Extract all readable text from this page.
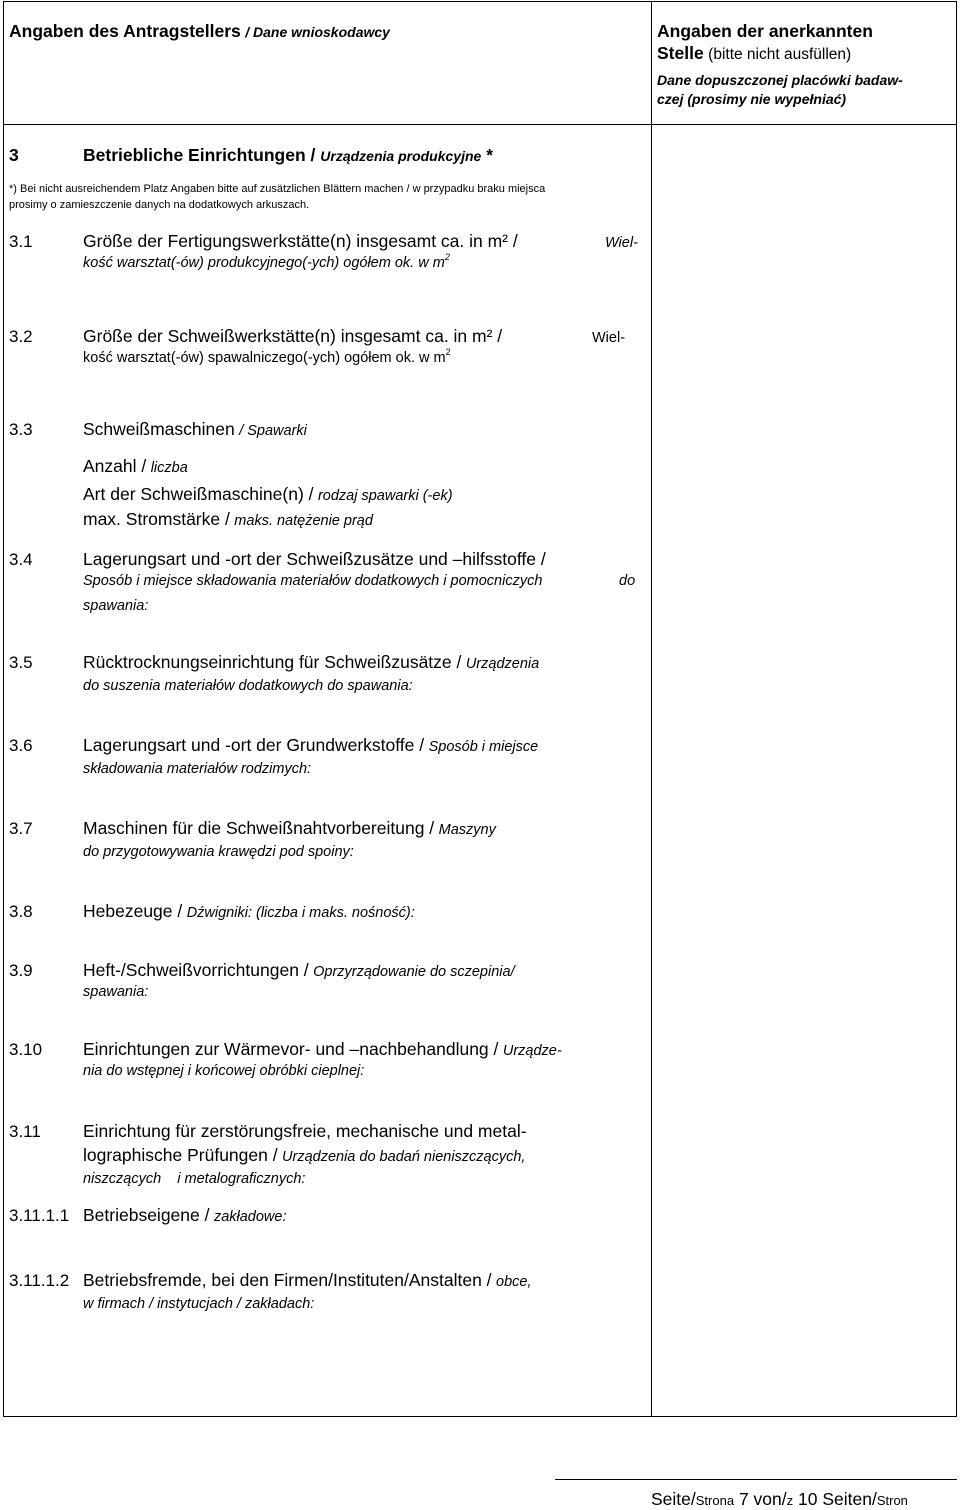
Angaben des Antragstellers / Dane wnioskodawcy	Angaben der anerkannten
Stelle (bitte nicht ausfüllen)
Dane dopuszczonej placówki badaw-
czej (prosimy nie wypełniać)
3	Betriebliche Einrichtungen / Urządzenia produkcyjne *
*) Bei nicht ausreichendem Platz Angaben bitte auf zusätzlichen Blättern machen / w przypadku braku miejsca
prosimy o zamieszczenie danych na dodatkowych arkuszach.
3.1	Größe der Fertigungswerkstätte(n) insgesamt ca. in m² /	Wiel-
kość warsztat(-ów) produkcyjnego(-ych) ogółem ok. w $m^2$
3.2	Größe der Schweißwerkstätte(n) insgesamt ca. in m² /	Wiel-
kość warsztat(-ów) spawalniczego(-ych) ogółem ok. w $m^2$
3.3	Schweißmaschinen / Spawarki
Anzahl / liczba
Art der Schweißmaschine(n) / rodzaj spawarki (-ek)
max. Stromstärke / maks. natężenie prąd
3.4	Lagerungsart und -ort der Schweißzusätze und –hilfsstoffe /
Sposób i miejsce składowania materiałów dodatkowych i pomocniczych	do
spawania:
3.5	Rücktrocknungseinrichtung für Schweißzusätze / Urządzenia
do suszenia materiałów dodatkowych do spawania:
3.6	Lagerungsart und -ort der Grundwerkstoffe / Sposób i miejsce
składowania materiałów rodzimych:
3.7	Maschinen für die Schweißnahtvorbereitung / Maszyny
do przygotowywania krawędzi pod spoiny:
3.8	Hebezeuge / Dźwigniki: (liczba i maks. nośność):
3.9	Heft-/Schweißvorrichtungen / Oprzyrządowanie do sczepinia/
spawania:
3.10 Einrichtungen zur Wärmevor- und –nachbehandlung / Urządze-
nia do wstępnej i końcowej obróbki cieplnej:
3.11 Einrichtung für zerstörungsfreie, mechanische und metal-
lographische Prüfungen / Urządzenia do badań nieniszczących,
niszczących    i metalograficznych:
3.11.1.1 Betriebseigene / zakładowe:
3.11.1.2 Betriebsfremde, bei den Firmen/Instituten/Anstalten / obce,
w firmach / instytucjach / zakładach:
Seite/Strona 7 von/z 10 Seiten/Stron
